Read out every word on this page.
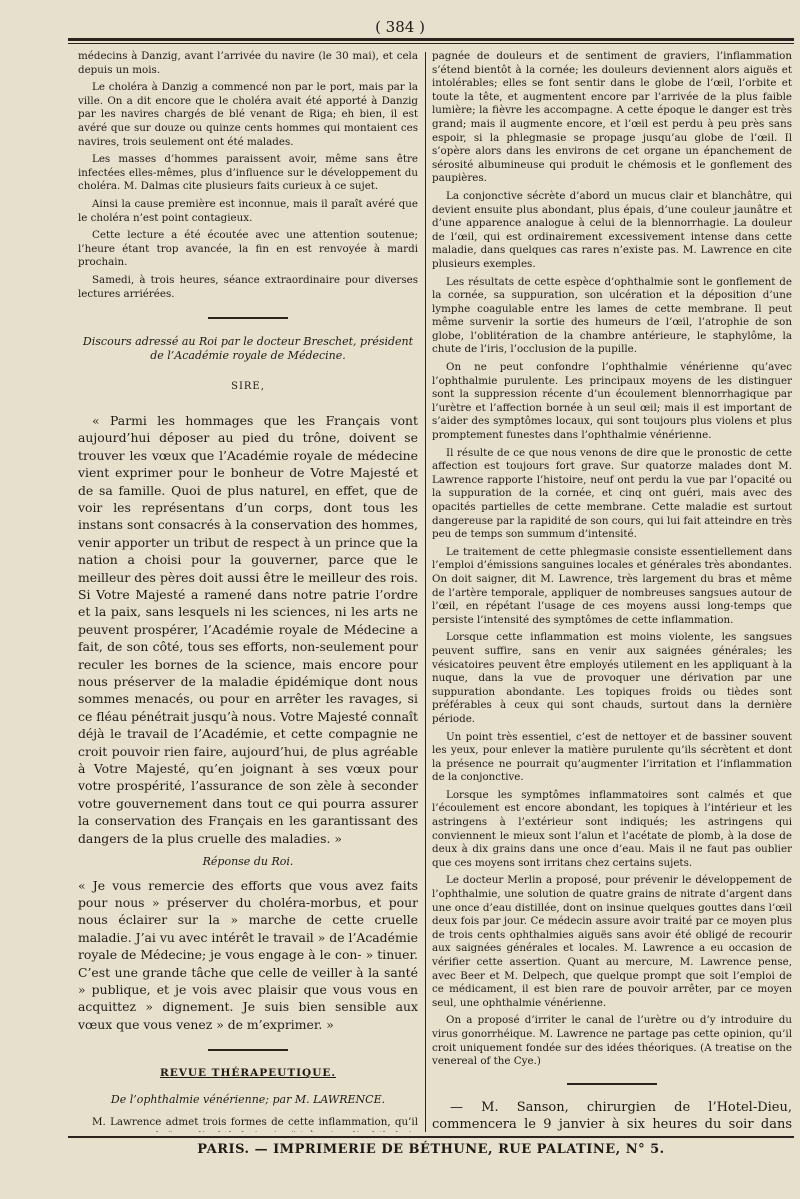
( 384 )

médecins à Danzig, avant l’arrivée du navire (le 30 mai), et cela depuis un mois.

Le choléra à Danzig a commencé non par le port, mais par la ville. On a dit encore que le choléra avait été apporté à Danzig par les navires chargés de blé venant de Riga; eh bien, il est avéré que sur douze ou quinze cents hommes qui montaient ces navires, trois seulement ont été malades.

Les masses d’hommes paraissent avoir, même sans être infectées elles-mêmes, plus d’influence sur le développement du choléra. M. Dalmas cite plusieurs faits curieux à ce sujet.

Ainsi la cause première est inconnue, mais il paraît avéré que le choléra n’est point contagieux.

Cette lecture a été écoutée avec une attention soutenue; l’heure étant trop avancée, la fin en est renvoyée à mardi prochain.

Samedi, à trois heures, séance extraordinaire pour diverses lectures arriérées.

Discours adressé au Roi par le docteur Breschet, président de l’Académie royale de Médecine.
SIRE,

« Parmi les hommages que les Français vont aujourd’hui déposer au pied du trône, doivent se trouver les vœux que l’Académie royale de médecine vient exprimer pour le bonheur de Votre Majesté et de sa famille. Quoi de plus naturel, en effet, que de voir les représentans d’un corps, dont tous les instans sont consacrés à la conservation des hommes, venir apporter un tribut de respect à un prince que la nation a choisi pour la gouverner, parce que le meilleur des pères doit aussi être le meilleur des rois. Si Votre Majesté a ramené dans notre patrie l’ordre et la paix, sans lesquels ni les sciences, ni les arts ne peuvent prospérer, l’Académie royale de Médecine a fait, de son côté, tous ses efforts, non-seulement pour reculer les bornes de la science, mais encore pour nous préserver de la maladie épidémique dont nous sommes menacés, ou pour en arrêter les ravages, si ce fléau pénétrait jusqu’à nous. Votre Majesté connaît déjà le travail de l’Académie, et cette compagnie ne croit pouvoir rien faire, aujourd’hui, de plus agréable à Votre Majesté, qu’en joignant à ses vœux pour votre prospérité, l’assurance de son zèle à seconder votre gouvernement dans tout ce qui pourra assurer la conservation des Français en les garantissant des dangers de la plus cruelle des maladies. »

Réponse du Roi.

« Je vous remercie des efforts que vous avez faits pour nous » préserver du choléra-morbus, et pour nous éclairer sur la » marche de cette cruelle maladie. J’ai vu avec intérêt le travail » de l’Académie royale de Médecine; je vous engage à le con- » tinuer. C’est une grande tâche que celle de veiller à la santé » publique, et je vois avec plaisir que vous vous en acquittez » dignement. Je suis bien sensible aux vœux que vous venez » de m’exprimer. »

REVUE THÉRAPEUTIQUE.
De l’ophthalmie vénérienne; par M. LAWRENCE.

M. Lawrence admet trois formes de cette inflammation, qu’il

pagnée de douleurs et de sentiment de graviers, l’inflammation s’étend bientôt à la cornée; les douleurs deviennent alors aiguës et intolérables; elles se font sentir dans le globe de l’œil, l’orbite et toute la tête, et augmentent encore par l’arrivée de la plus faible lumière; la fièvre les accompagne. A cette époque le danger est très grand; mais il augmente encore, et l’œil est perdu à peu près sans espoir, si la phlegmasie se propage jusqu’au globe de l’œil. Il s’opère alors dans les environs de cet organe un épanchement de sérosité albumineuse qui produit le chémosis et le gonflement des paupières.

La conjonctive sécrète d’abord un mucus clair et blanchâtre, qui devient ensuite plus abondant, plus épais, d’une couleur jaunâtre et d’une apparence analogue à celui de la blennorrhagie. La douleur de l’œil, qui est ordinairement excessivement intense dans cette maladie, dans quelques cas rares n’existe pas. M. Lawrence en cite plusieurs exemples.

Les résultats de cette espèce d’ophthalmie sont le gonflement de la cornée, sa suppuration, son ulcération et la déposition d’une lymphe coagulable entre les lames de cette membrane. Il peut même survenir la sortie des humeurs de l’œil, l’atrophie de son globe, l’oblitération de la chambre antérieure, le staphylôme, la chute de l’iris, l’occlusion de la pupille.

On ne peut confondre l’ophthalmie vénérienne qu’avec l’ophthalmie purulente. Les principaux moyens de les distinguer sont la suppression récente d’un écoulement blennorrhagique par l’urètre et l’affection bornée à un seul œil; mais il est important de s’aider des symptômes locaux, qui sont toujours plus violens et plus promptement funestes dans l’ophthalmie vénérienne.

Il résulte de ce que nous venons de dire que le pronostic de cette affection est toujours fort grave. Sur quatorze malades dont M. Lawrence rapporte l’histoire, neuf ont perdu la vue par l’opacité ou la suppuration de la cornée, et cinq ont guéri, mais avec des opacités partielles de cette membrane. Cette maladie est surtout dangereuse par la rapidité de son cours, qui lui fait atteindre en très peu de temps son summum d’intensité.

Le traitement de cette phlegmasie consiste essentiellement dans l’emploi d’émissions sanguines locales et générales très abondantes. On doit saigner, dit M. Lawrence, très largement du bras et même de l’artère temporale, appliquer de nombreuses sangsues autour de l’œil, en répétant l’usage de ces moyens aussi long-temps que persiste l’intensité des symptômes de cette inflammation.

Lorsque cette inflammation est moins violente, les sangsues peuvent suffire, sans en venir aux saignées générales; les vésicatoires peuvent être employés utilement en les appliquant à la nuque, dans la vue de provoquer une dérivation par une suppuration abondante. Les topiques froids ou tièdes sont préférables à ceux qui sont chauds, surtout dans la dernière période.

Un point très essentiel, c’est de nettoyer et de bassiner souvent les yeux, pour enlever la matière purulente qu’ils sécrètent et dont la présence ne pourrait qu’augmenter l’irritation et l’inflammation de la conjonctive.

Lorsque les symptômes inflammatoires sont calmés et que l’écoulement est encore abondant, les topiques à l’intérieur et les astringens à l’extérieur sont indiqués; les astringens qui conviennent le mieux sont l’alun et l’acétate de plomb, à la dose de deux à dix grains dans une once d’eau. Mais il ne faut pas oublier que ces moyens sont irritans chez certains sujets.

Le docteur Merlin a proposé, pour prévenir le développement de l’ophthalmie, une solution de quatre grains de nitrate d’argent dans une once d’eau distillée, dont on insinue quelques gouttes dans l’œil deux fois par jour. Ce médecin assure avoir traité par ce moyen plus de trois cents ophthalmies aiguës sans avoir été obligé de recourir aux saignées générales et locales. M. Lawrence a eu occasion de vérifier cette assertion. Quant au mercure, M. Lawrence pense, avec Beer et M. Delpech, que quelque prompt que soit l’emploi de ce médicament, il est bien rare de pouvoir arrêter, par ce moyen seul, une ophthalmie vénérienne.

On a proposé d’irriter le canal de l’urètre ou d’y introduire du virus gonorrhéique. M. Lawrence ne partage pas cette opinion, qu’il croit uniquement fondée sur des idées théoriques. (A treatise on the venereal of the Cye.)

— M. Sanson, chirurgien de l’Hotel-Dieu, commencera le 9 janvier à six heures du soir dans

PARIS. — IMPRIMERIE DE BÉTHUNE, RUE PALATINE, N° 5.
